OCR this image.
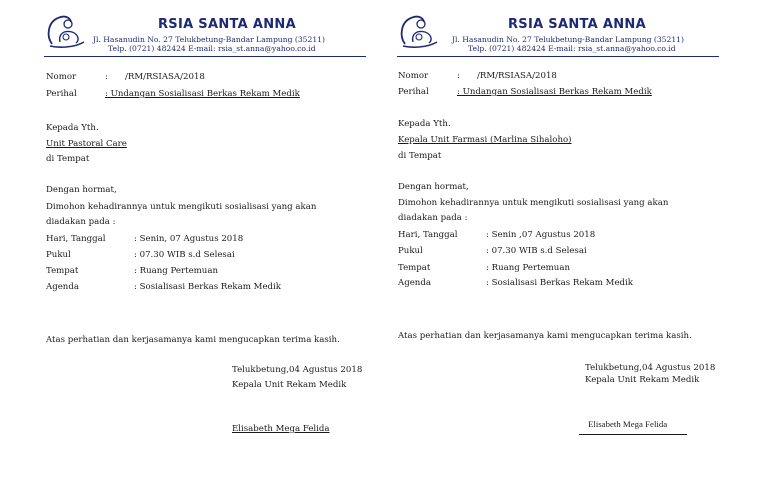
RSIA SANTA ANNA
Jl. Hasanudin No. 27 Telukbetung-Bandar Lampung (35211)
Telp. (0721) 482424 E-mail: rsia_st.anna@yahoo.co.id
Nomor	: /RM/RSIASA/2018
Perihal	: Undangan Sosialisasi Berkas Rekam Medik
Kepada Yth.
Unit Pastoral Care
di Tempat
Dengan hormat,
Dimohon kehadirannya untuk mengikuti sosialisasi yang akan
diadakan pada :
Hari, Tanggal	: Senin, 07 Agustus 2018
Pukul	: 07.30 WIB s.d Selesai
Tempat	: Ruang Pertemuan
Agenda	: Sosialisasi Berkas Rekam Medik
Atas perhatian dan kerjasamanya kami mengucapkan terima kasih.
Telukbetung,04 Agustus 2018
Kepala Unit Rekam Medik
Elisabeth Mega Felida
RSIA SANTA ANNA
Jl. Hasanudin No. 27 Telukbetung-Bandar Lampung (35211)
Telp. (0721) 482424 E-mail: rsia_st.anna@yahoo.co.id
Nomor	: /RM/RSIASA/2018
Perihal	: Undangan Sosialisasi Berkas Rekam Medik
Kepada Yth.
Kepala Unit Farmasi (Marlina Sihaloho)
di Tempat
Dengan hormat,
Dimohon kehadirannya untuk mengikuti sosialisasi yang akan
diadakan pada :
Hari, Tanggal	: Senin ,07 Agustus 2018
Pukul	: 07.30 WIB s.d Selesai
Tempat	: Ruang Pertemuan
Agenda	: Sosialisasi Berkas Rekam Medik
Atas perhatian dan kerjasamanya kami mengucapkan terima kasih.
Telukbetung,04 Agustus 2018
Kepala Unit Rekam Medik
Elisabeth Mega Felida
